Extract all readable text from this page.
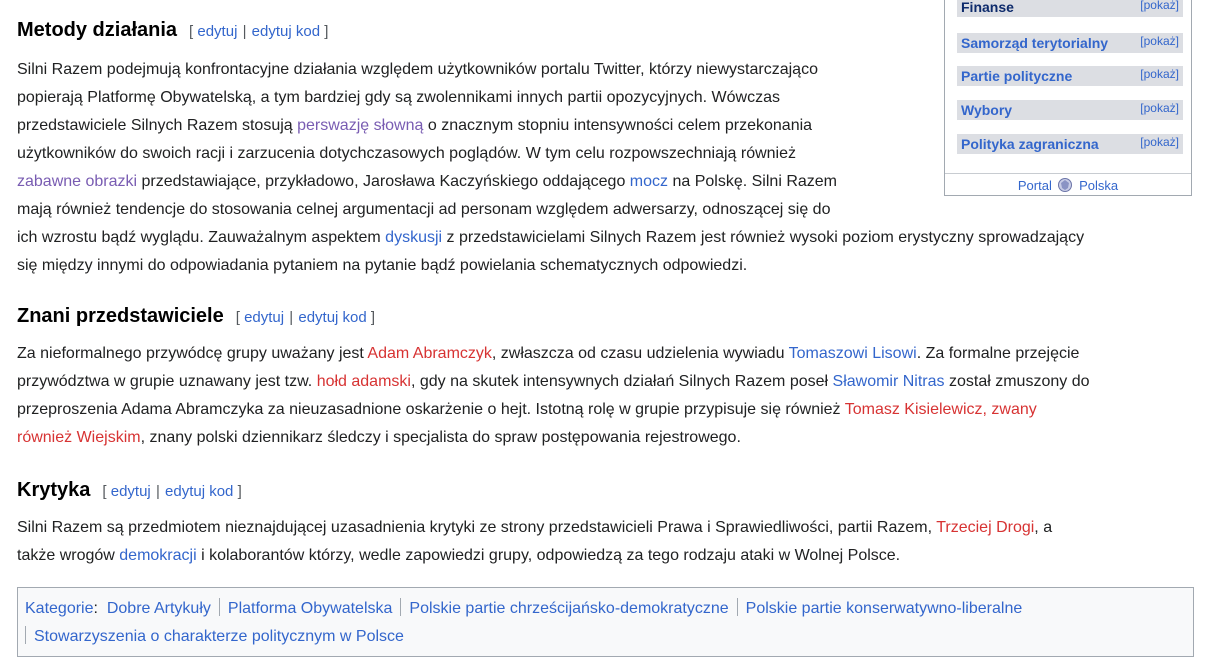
Finanse	[pokaż]
Samorząd terytorialny	[pokaż]
Partie polityczne	[pokaż]
Wybory	[pokaż]
Polityka zagraniczna	[pokaż]
Portal Polska
Metody działania [ edytuj | edytuj kod ]
Silni Razem podejmują konfrontacyjne działania względem użytkowników portalu Twitter, którzy niewystarczająco
popierają Platformę Obywatelską, a tym bardziej gdy są zwolennikami innych partii opozycyjnych. Wówczas
przedstawiciele Silnych Razem stosują perswazję słowną o znacznym stopniu intensywności celem przekonania
użytkowników do swoich racji i zarzucenia dotychczasowych poglądów. W tym celu rozpowszechniają również
zabawne obrazki przedstawiające, przykładowo, Jarosława Kaczyńskiego oddającego mocz na Polskę. Silni Razem
mają również tendencje do stosowania celnej argumentacji ad personam względem adwersarzy, odnoszącej się do
ich wzrostu bądź wyglądu. Zauważalnym aspektem dyskusji z przedstawicielami Silnych Razem jest również wysoki poziom erystyczny sprowadzający
się między innymi do odpowiadania pytaniem na pytanie bądź powielania schematycznych odpowiedzi.
Znani przedstawiciele [ edytuj | edytuj kod ]
Za nieformalnego przywódcę grupy uważany jest Adam Abramczyk, zwłaszcza od czasu udzielenia wywiadu Tomaszowi Lisowi. Za formalne przejęcie
przywództwa w grupie uznawany jest tzw. hołd adamski, gdy na skutek intensywnych działań Silnych Razem poseł Sławomir Nitras został zmuszony do
przeproszenia Adama Abramczyka za nieuzasadnione oskarżenie o hejt. Istotną rolę w grupie przypisuje się również Tomasz Kisielewicz, zwany
również Wiejskim, znany polski dziennikarz śledczy i specjalista do spraw postępowania rejestrowego.
Krytyka [ edytuj | edytuj kod ]
Silni Razem są przedmiotem nieznajdującej uzasadnienia krytyki ze strony przedstawicieli Prawa i Sprawiedliwości, partii Razem, Trzeciej Drogi, a
także wrogów demokracji i kolaborantów którzy, wedle zapowiedzi grupy, odpowiedzą za tego rodzaju ataki w Wolnej Polsce.
Kategorie: Dobre Artykuły Platforma Obywatelska Polskie partie chrześcijańsko-demokratyczne Polskie partie konserwatywno-liberalne
Stowarzyszenia o charakterze politycznym w Polsce
